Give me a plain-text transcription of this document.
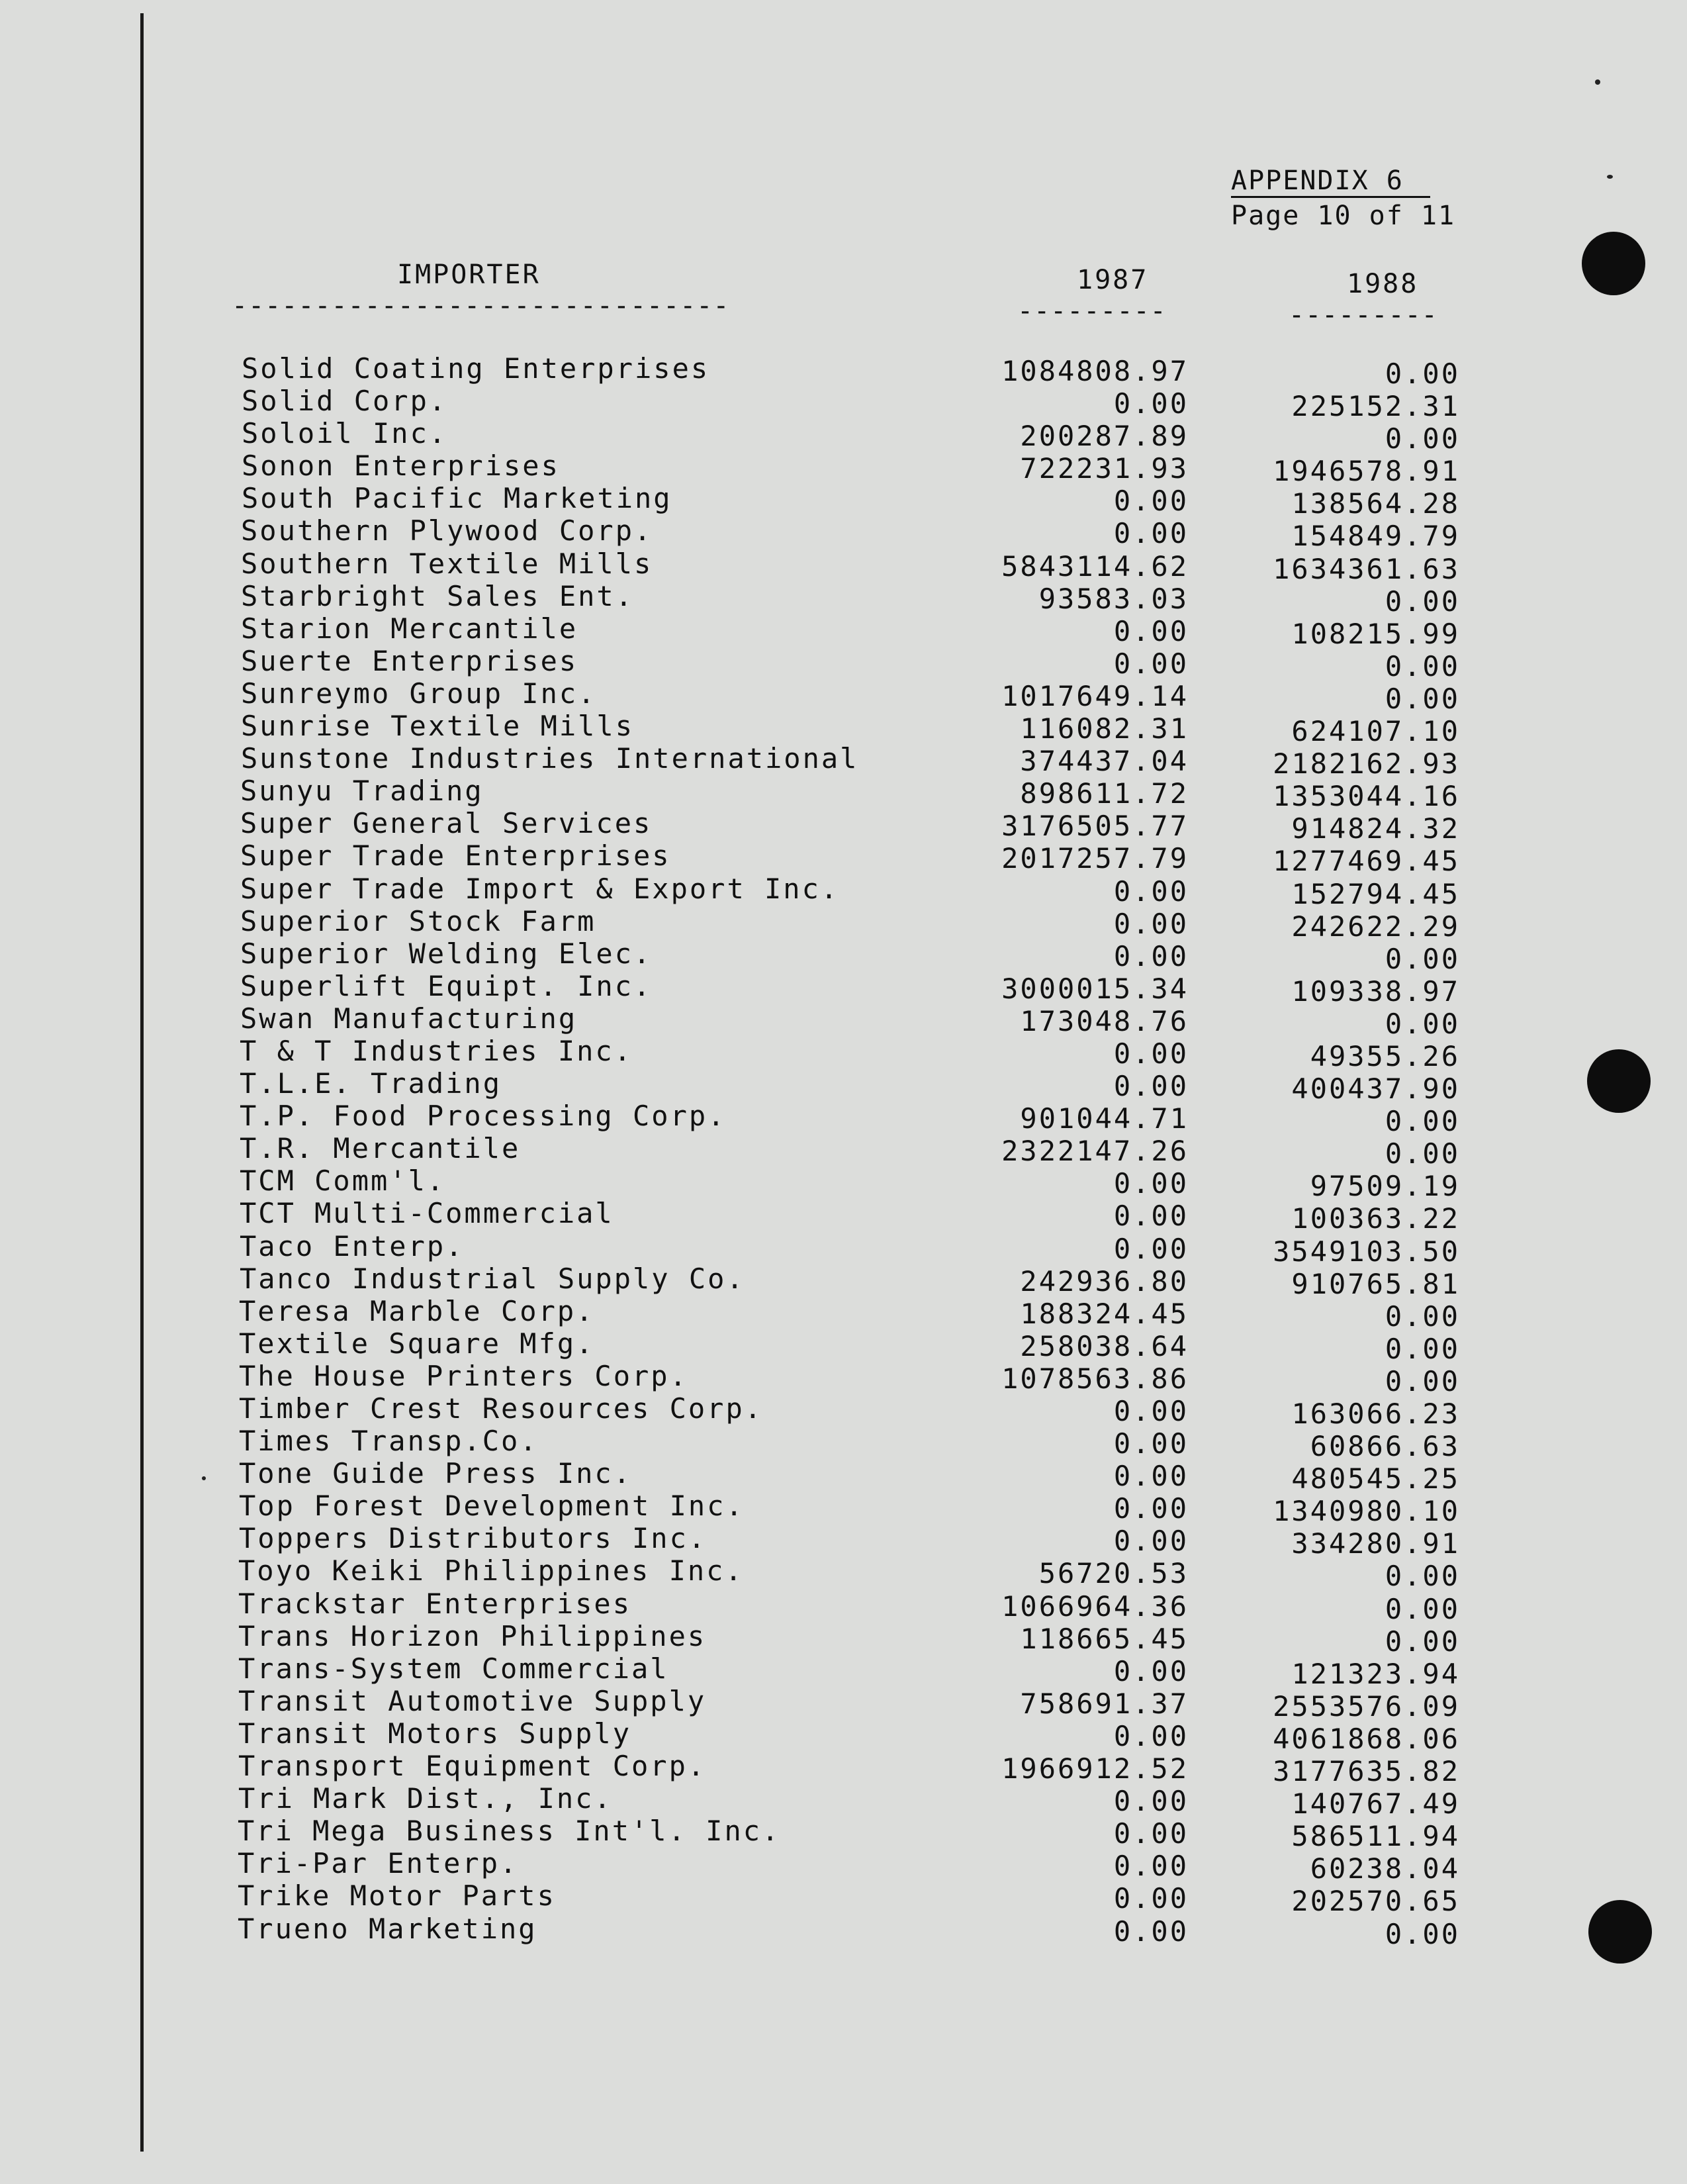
APPENDIX 6
Page 10 of 11
IMPORTER	1987	1988
------------------------------	---------	---------
Solid Coating Enterprises	1084808.97	0.00
Solid Corp.	0.00	225152.31
Soloil Inc.	200287.89	0.00
Sonon Enterprises	722231.93	1946578.91
South Pacific Marketing	0.00	138564.28
Southern Plywood Corp.	0.00	154849.79
Southern Textile Mills	5843114.62	1634361.63
Starbright Sales Ent.	93583.03	0.00
Starion Mercantile	0.00	108215.99
Suerte Enterprises	0.00	0.00
Sunreymo Group Inc.	1017649.14	0.00
Sunrise Textile Mills	116082.31	624107.10
Sunstone Industries International	374437.04	2182162.93
Sunyu Trading	898611.72	1353044.16
Super General Services	3176505.77	914824.32
Super Trade Enterprises	2017257.79	1277469.45
Super Trade Import & Export Inc.	0.00	152794.45
Superior Stock Farm	0.00	242622.29
Superior Welding Elec.	0.00	0.00
Superlift Equipt. Inc.	3000015.34	109338.97
Swan Manufacturing	173048.76	0.00
T & T Industries Inc.	0.00	49355.26
T.L.E. Trading	0.00	400437.90
T.P. Food Processing Corp.	901044.71	0.00
T.R. Mercantile	2322147.26	0.00
TCM Comm'l.	0.00	97509.19
TCT Multi-Commercial	0.00	100363.22
Taco Enterp.	0.00	3549103.50
Tanco Industrial Supply Co.	242936.80	910765.81
Teresa Marble Corp.	188324.45	0.00
Textile Square Mfg.	258038.64	0.00
The House Printers Corp.	1078563.86	0.00
Timber Crest Resources Corp.	0.00	163066.23
Times Transp.Co.	0.00	60866.63
Tone Guide Press Inc.	0.00	480545.25
Top Forest Development Inc.	0.00	1340980.10
Toppers Distributors Inc.	0.00	334280.91
Toyo Keiki Philippines Inc.	56720.53	0.00
Trackstar Enterprises	1066964.36	0.00
Trans Horizon Philippines	118665.45	0.00
Trans-System Commercial	0.00	121323.94
Transit Automotive Supply	758691.37	2553576.09
Transit Motors Supply	0.00	4061868.06
Transport Equipment Corp.	1966912.52	3177635.82
Tri Mark Dist., Inc.	0.00	140767.49
Tri Mega Business Int'l. Inc.	0.00	586511.94
Tri-Par Enterp.	0.00	60238.04
Trike Motor Parts	0.00	202570.65
Trueno Marketing	0.00	0.00
